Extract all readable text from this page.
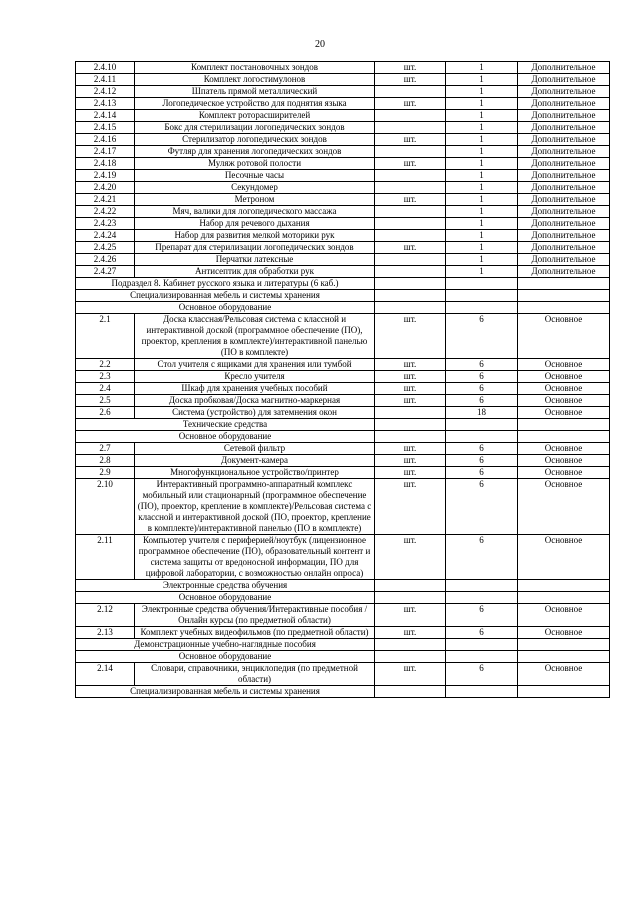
20
2.4.10	Комплект постановочных зондов	шт.	1	Дополнительное
2.4.11	Комплект логостимулонов	шт.	1	Дополнительное
2.4.12	Шпатель прямой металлический		1	Дополнительное
2.4.13	Логопедическое устройство для поднятия языка	шт.	1	Дополнительное
2.4.14	Комплект роторасширителей		1	Дополнительное
2.4.15	Бокс для стерилизации логопедических зондов		1	Дополнительное
2.4.16	Стерилизатор логопедических зондов	шт.	1	Дополнительное
2.4.17	Футляр для хранения логопедических зондов		1	Дополнительное
2.4.18	Муляж ротовой полости	шт.	1	Дополнительное
2.4.19	Песочные часы		1	Дополнительное
2.4.20	Секундомер		1	Дополнительное
2.4.21	Метроном	шт.	1	Дополнительное
2.4.22	Мяч, валики для логопедического массажа		1	Дополнительное
2.4.23	Набор для речевого дыхания		1	Дополнительное
2.4.24	Набор для развития мелкой моторики рук		1	Дополнительное
2.4.25	Препарат для стерилизации логопедических зондов	шт.	1	Дополнительное
2.4.26	Перчатки латексные		1	Дополнительное
2.4.27	Антисептик для обработки рук		1	Дополнительное
Подраздел 8. Кабинет русского языка и литературы (6 каб.)				
Специализированная мебель и системы хранения				
Основное оборудование				
2.1	Доска классная/Рельсовая система с классной и интерактивной доской (программное обеспечение (ПО), проектор, крепления в комплекте)/интерактивной панелью (ПО в комплекте)	шт.	6	Основное
2.2	Стол учителя с ящиками для хранения или тумбой	шт.	6	Основное
2.3	Кресло учителя	шт.	6	Основное
2.4	Шкаф для хранения учебных пособий	шт.	6	Основное
2.5	Доска пробковая/Доска магнитно-маркерная	шт.	6	Основное
2.6	Система (устройство) для затемнения окон		18	Основное
Технические средства				
Основное оборудование				
2.7	Сетевой фильтр	шт.	6	Основное
2.8	Документ-камера	шт.	6	Основное
2.9	Многофункциональное устройство/принтер	шт.	6	Основное
2.10	Интерактивный программно-аппаратный комплекс мобильный или стационарный (программное обеспечение (ПО), проектор, крепление в комплекте)/Рельсовая система с классной и интерактивной доской (ПО, проектор, крепление в комплекте)/интерактивной панелью (ПО в комплекте)	шт.	6	Основное
2.11	Компьютер учителя с периферией/ноутбук (лицензионное программное обеспечение (ПО), образовательный контент и система защиты от вредоносной информации, ПО для цифровой лаборатории, с возможностью онлайн опроса)	шт.	6	Основное
Электронные средства обучения				
Основное оборудование				
2.12	Электронные средства обучения/Интерактивные пособия / Онлайн курсы (по предметной области)	шт.	6	Основное
2.13	Комплект учебных видеофильмов (по предметной области)	шт.	6	Основное
Демонстрационные учебно-наглядные пособия				
Основное оборудование				
2.14	Словари, справочники, энциклопедия (по предметной области)	шт.	6	Основное
Специализированная мебель и системы хранения				
